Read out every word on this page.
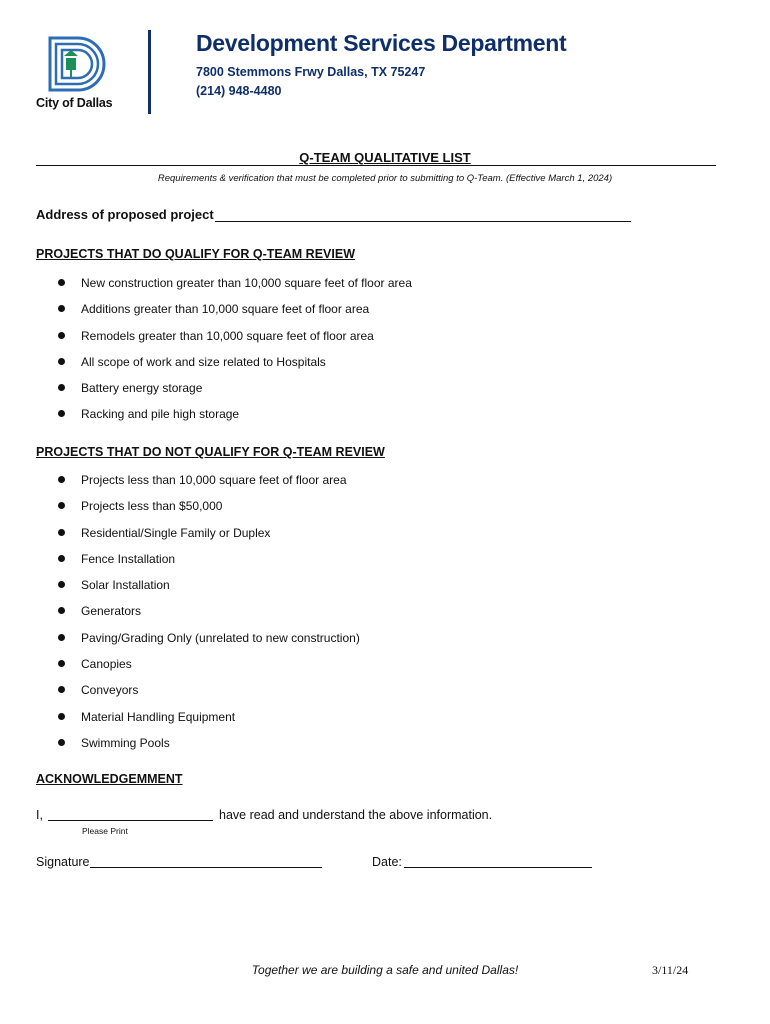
City of Dallas
Development Services Department
7800 Stemmons Frwy Dallas, TX 75247
(214) 948-4480
Q-TEAM QUALITATIVE LIST
Requirements & verification that must be completed prior to submitting to Q-Team. (Effective March 1, 2024)
Address of proposed project
PROJECTS THAT DO QUALIFY FOR Q-TEAM REVIEW
New construction greater than 10,000 square feet of floor area
Additions greater than 10,000 square feet of floor area
Remodels greater than 10,000 square feet of floor area
All scope of work and size related to Hospitals
Battery energy storage
Racking and pile high storage
PROJECTS THAT DO NOT QUALIFY FOR Q-TEAM REVIEW
Projects less than 10,000 square feet of floor area
Projects less than $50,000
Residential/Single Family or Duplex
Fence Installation
Solar Installation
Generators
Paving/Grading Only (unrelated to new construction)
Canopies
Conveyors
Material Handling Equipment
Swimming Pools
ACKNOWLEDGEMMENT
I,	have read and understand the above information.
Please Print
Signature	Date:
Together we are building a safe and united Dallas!	3/11/24
